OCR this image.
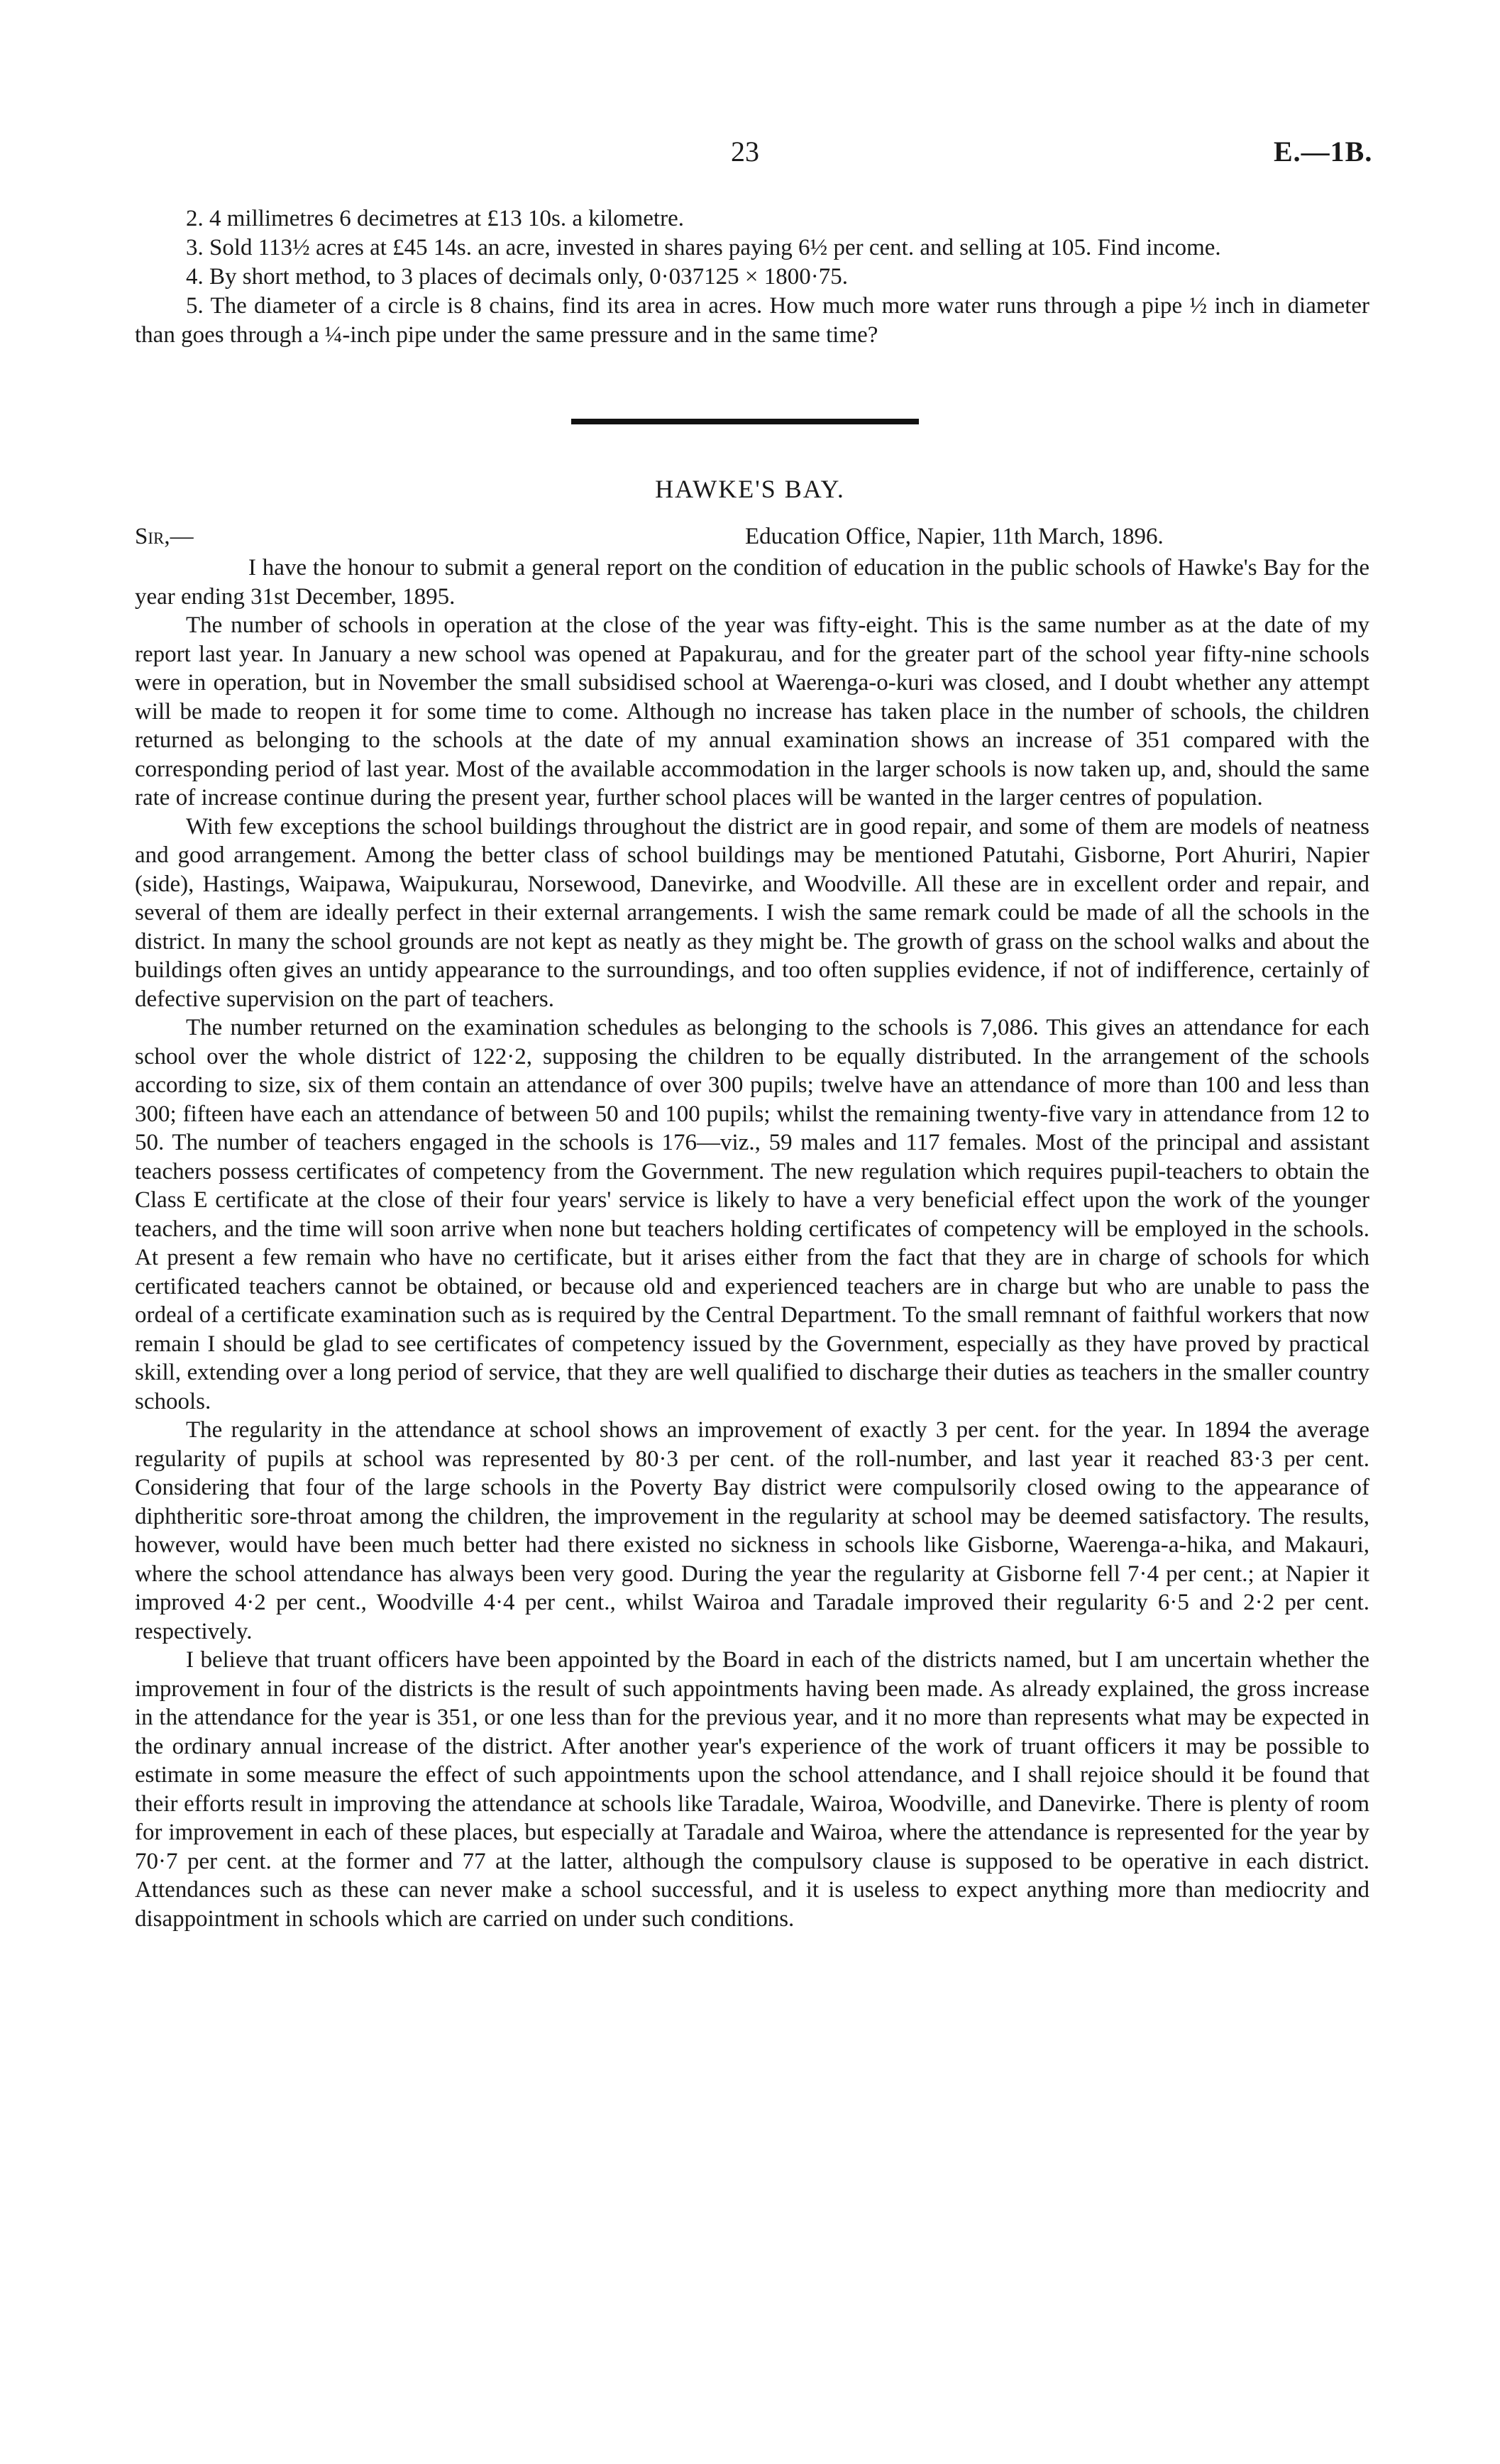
23	E.—1B.

2. 4 millimetres 6 decimetres at £13 10s. a kilometre.

3. Sold 113½ acres at £45 14s. an acre, invested in shares paying 6½ per cent. and selling at 105. Find income.

4. By short method, to 3 places of decimals only, 0·037125 × 1800·75.

5. The diameter of a circle is 8 chains, find its area in acres. How much more water runs through a pipe ½ inch in diameter than goes through a ¼-inch pipe under the same pressure and in the same time?

HAWKE'S BAY.
Sir,—	Education Office, Napier, 11th March, 1896.

I have the honour to submit a general report on the condition of education in the public schools of Hawke's Bay for the year ending 31st December, 1895.

The number of schools in operation at the close of the year was fifty-eight. This is the same number as at the date of my report last year. In January a new school was opened at Papakurau, and for the greater part of the school year fifty-nine schools were in operation, but in November the small subsidised school at Waerenga-o-kuri was closed, and I doubt whether any attempt will be made to reopen it for some time to come. Although no increase has taken place in the number of schools, the children returned as belonging to the schools at the date of my annual examination shows an increase of 351 compared with the corresponding period of last year. Most of the available accommodation in the larger schools is now taken up, and, should the same rate of increase continue during the present year, further school places will be wanted in the larger centres of population.

With few exceptions the school buildings throughout the district are in good repair, and some of them are models of neatness and good arrangement. Among the better class of school buildings may be mentioned Patutahi, Gisborne, Port Ahuriri, Napier (side), Hastings, Waipawa, Waipukurau, Norsewood, Danevirke, and Woodville. All these are in excellent order and repair, and several of them are ideally perfect in their external arrangements. I wish the same remark could be made of all the schools in the district. In many the school grounds are not kept as neatly as they might be. The growth of grass on the school walks and about the buildings often gives an untidy appearance to the surroundings, and too often supplies evidence, if not of indifference, certainly of defective supervision on the part of teachers.

The number returned on the examination schedules as belonging to the schools is 7,086. This gives an attendance for each school over the whole district of 122·2, supposing the children to be equally distributed. In the arrangement of the schools according to size, six of them contain an attendance of over 300 pupils; twelve have an attendance of more than 100 and less than 300; fifteen have each an attendance of between 50 and 100 pupils; whilst the remaining twenty-five vary in attendance from 12 to 50. The number of teachers engaged in the schools is 176—viz., 59 males and 117 females. Most of the principal and assistant teachers possess certificates of competency from the Government. The new regulation which requires pupil-teachers to obtain the Class E certificate at the close of their four years' service is likely to have a very beneficial effect upon the work of the younger teachers, and the time will soon arrive when none but teachers holding certificates of competency will be employed in the schools. At present a few remain who have no certificate, but it arises either from the fact that they are in charge of schools for which certificated teachers cannot be obtained, or because old and experienced teachers are in charge but who are unable to pass the ordeal of a certificate examination such as is required by the Central Department. To the small remnant of faithful workers that now remain I should be glad to see certificates of competency issued by the Government, especially as they have proved by practical skill, extending over a long period of service, that they are well qualified to discharge their duties as teachers in the smaller country schools.

The regularity in the attendance at school shows an improvement of exactly 3 per cent. for the year. In 1894 the average regularity of pupils at school was represented by 80·3 per cent. of the roll-number, and last year it reached 83·3 per cent. Considering that four of the large schools in the Poverty Bay district were compulsorily closed owing to the appearance of diphtheritic sore-throat among the children, the improvement in the regularity at school may be deemed satisfactory. The results, however, would have been much better had there existed no sickness in schools like Gisborne, Waerenga-a-hika, and Makauri, where the school attendance has always been very good. During the year the regularity at Gisborne fell 7·4 per cent.; at Napier it improved 4·2 per cent., Woodville 4·4 per cent., whilst Wairoa and Taradale improved their regularity 6·5 and 2·2 per cent. respectively.

I believe that truant officers have been appointed by the Board in each of the districts named, but I am uncertain whether the improvement in four of the districts is the result of such appointments having been made. As already explained, the gross increase in the attendance for the year is 351, or one less than for the previous year, and it no more than represents what may be expected in the ordinary annual increase of the district. After another year's experience of the work of truant officers it may be possible to estimate in some measure the effect of such appointments upon the school attendance, and I shall rejoice should it be found that their efforts result in improving the attendance at schools like Taradale, Wairoa, Woodville, and Danevirke. There is plenty of room for improvement in each of these places, but especially at Taradale and Wairoa, where the attendance is represented for the year by 70·7 per cent. at the former and 77 at the latter, although the compulsory clause is supposed to be operative in each district. Attendances such as these can never make a school successful, and it is useless to expect anything more than mediocrity and disappointment in schools which are carried on under such conditions.
